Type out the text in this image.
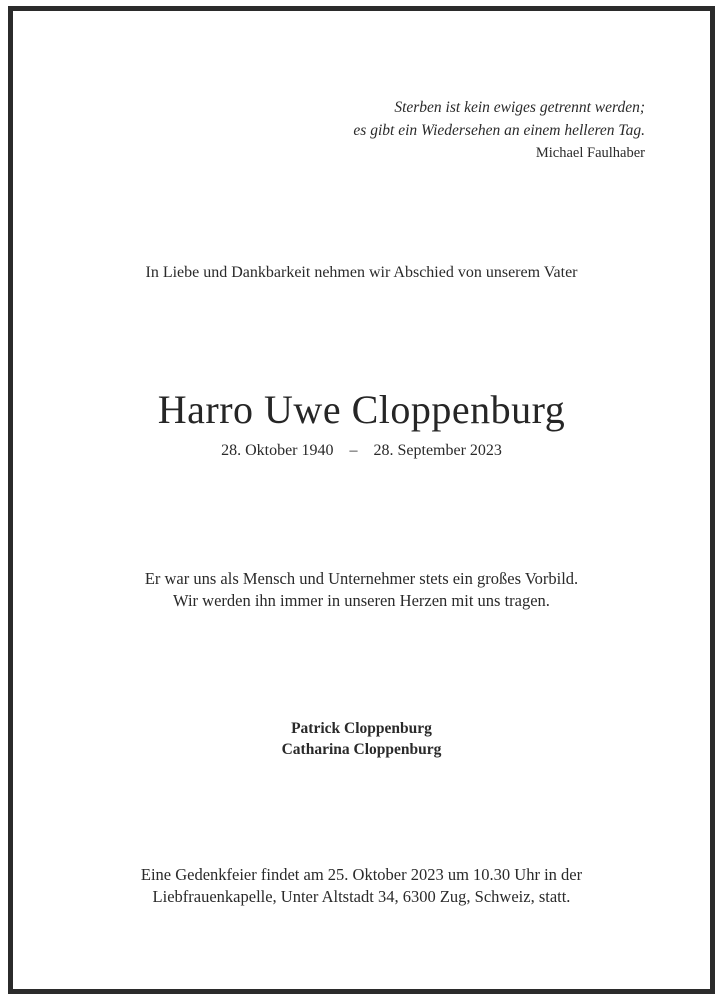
Sterben ist kein ewiges getrennt werden;
es gibt ein Wiedersehen an einem helleren Tag.
Michael Faulhaber
In Liebe und Dankbarkeit nehmen wir Abschied von unserem Vater
Harro Uwe Cloppenburg
28. Oktober 1940 – 28. September 2023
Er war uns als Mensch und Unternehmer stets ein großes Vorbild.
Wir werden ihn immer in unseren Herzen mit uns tragen.
Patrick Cloppenburg
Catharina Cloppenburg
Eine Gedenkfeier findet am 25. Oktober 2023 um 10.30 Uhr in der
Liebfrauenkapelle, Unter Altstadt 34, 6300 Zug, Schweiz, statt.
